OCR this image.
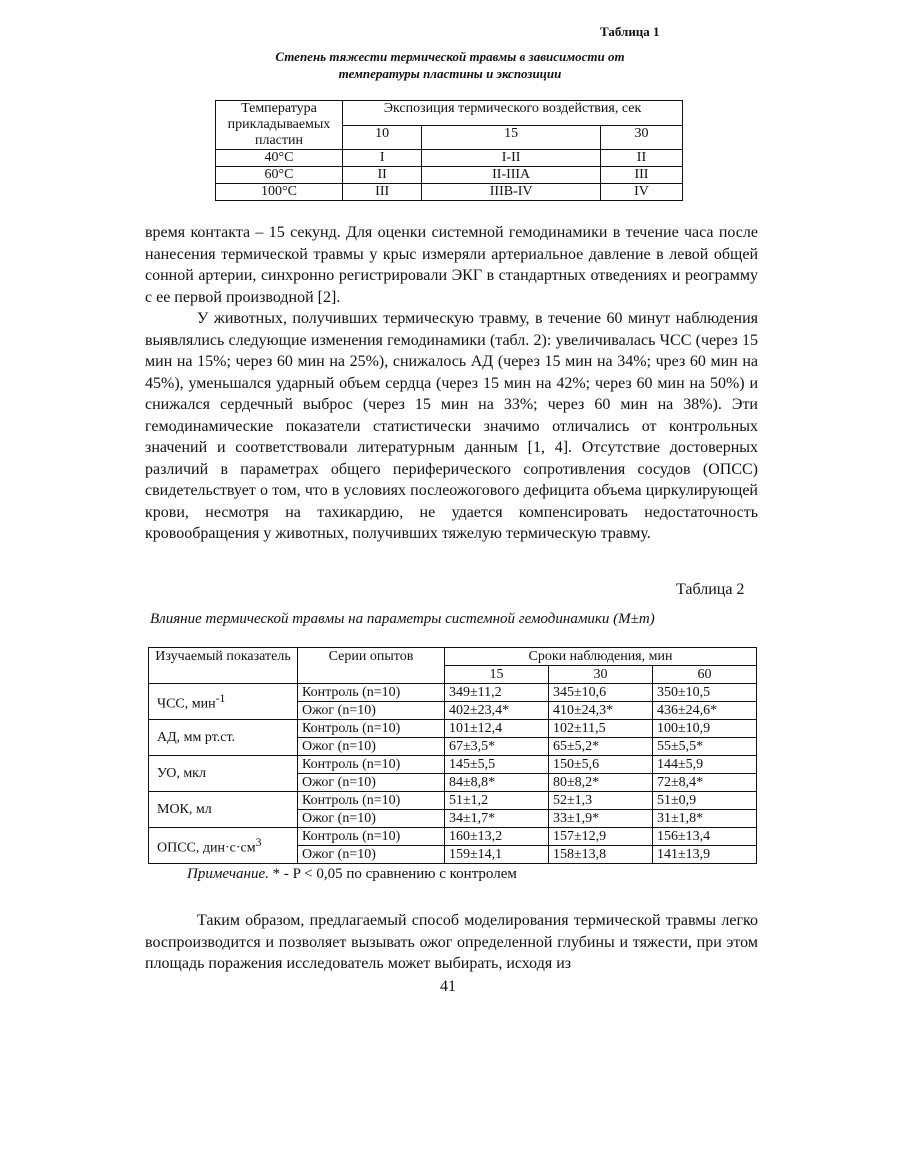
Таблица 1
Степень тяжести термической травмы в зависимости от
температуры пластины и экспозиции
Температура прикладываемых пластин	Экспозиция термического воздействия, сек		
	10	15	30
40°С	I	I-II	II
60°С	II	II-IIIA	III
100°С	III	IIIB-IV	IV

время контакта – 15 секунд. Для оценки системной гемодинамики в течение часа после нанесения термической травмы у крыс измеряли артериальное давление в левой общей сонной артерии, синхронно регистрировали ЭКГ в стандартных отведениях и реограмму с ее первой производной [2].

У животных, получивших термическую травму, в течение 60 минут наблюдения выявлялись следующие изменения гемодинамики (табл. 2): увеличивалась ЧСС (через 15 мин на 15%; через 60 мин на 25%), снижалось АД (через 15 мин на 34%; чрез 60 мин на 45%), уменьшался ударный объем сердца (через 15 мин на 42%; через 60 мин на 50%) и снижался сердечный выброс (через 15 мин на 33%; через 60 мин на 38%). Эти гемодинамические показатели статистически значимо отличались от контрольных значений и соответствовали литературным данным [1, 4]. Отсутствие достоверных различий в параметрах общего периферического сопротивления сосудов (ОПСС) свидетельствует о том, что в условиях послеожогового дефицита объема циркулирующей крови, несмотря на тахикардию, не удается компенсировать недостаточность кровообращения у животных, получивших тяжелую термическую травму.

Таблица 2
Влияние термической травмы на параметры системной гемодинамики (M±m)
Изучаемый показатель	Серии опытов	Сроки наблюдения, мин		
		15	30	60
ЧСС, мин$^{-1}$	Контроль (n=10)	349±11,2	345±10,6	350±10,5
	Ожог (n=10)	402±23,4*	410±24,3*	436±24,6*
АД, мм рт.ст.	Контроль (n=10)	101±12,4	102±11,5	100±10,9
	Ожог (n=10)	67±3,5*	65±5,2*	55±5,5*
УО, мкл	Контроль (n=10)	145±5,5	150±5,6	144±5,9
	Ожог (n=10)	84±8,8*	80±8,2*	72±8,4*
МОК, мл	Контроль (n=10)	51±1,2	52±1,3	51±0,9
	Ожог (n=10)	34±1,7*	33±1,9*	31±1,8*
ОПСС, $дин\cdot с\cdot см^3$	Контроль (n=10)	160±13,2	157±12,9	156±13,4
	Ожог (n=10)	159±14,1	158±13,8	141±13,9
Примечание. * - P < 0,05 по сравнению с контролем

Таким образом, предлагаемый способ моделирования термической травмы легко воспроизводится и позволяет вызывать ожог определенной глубины и тяжести, при этом площадь поражения исследователь может выбирать, исходя из

41
